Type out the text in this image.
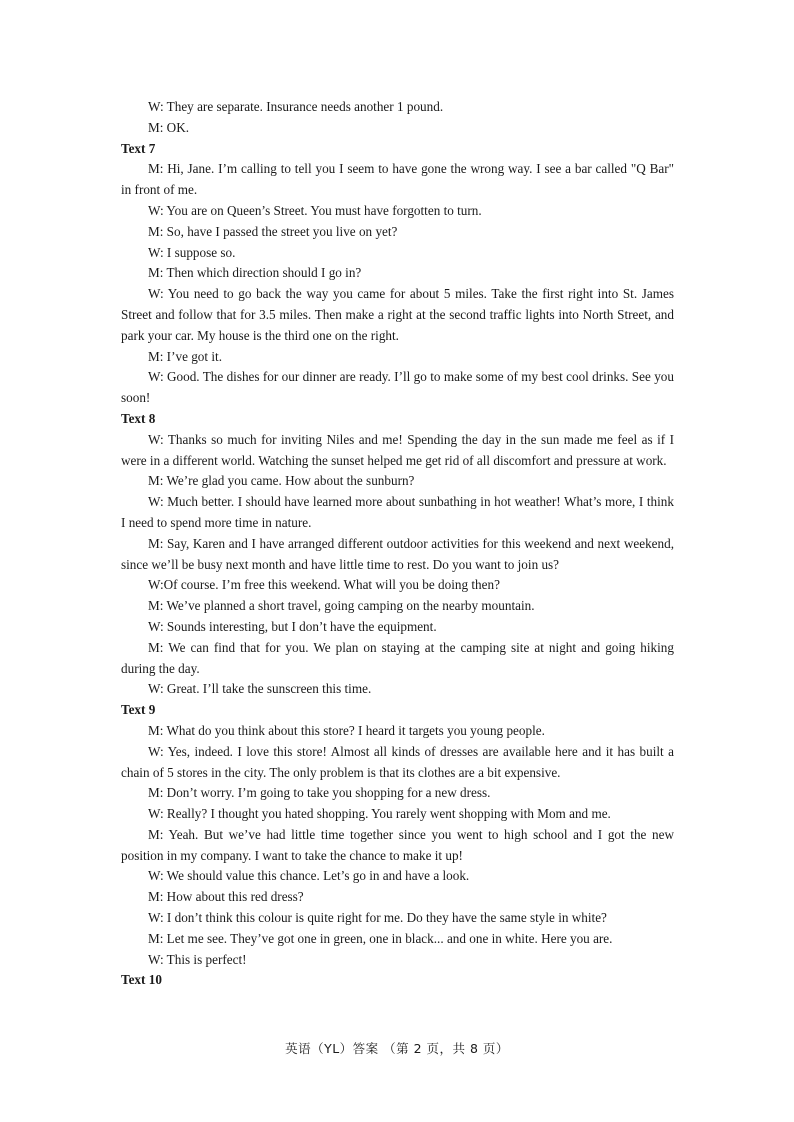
W: They are separate. Insurance needs another 1 pound.

M: OK.

Text 7

M: Hi, Jane. I’m calling to tell you I seem to have gone the wrong way. I see a bar called "Q Bar" in front of me.

W: You are on Queen’s Street. You must have forgotten to turn.

M: So, have I passed the street you live on yet?

W: I suppose so.

M: Then which direction should I go in?

W: You need to go back the way you came for about 5 miles. Take the first right into St. James Street and follow that for 3.5 miles. Then make a right at the second traffic lights into North Street, and park your car. My house is the third one on the right.

M: I’ve got it.

W: Good. The dishes for our dinner are ready. I’ll go to make some of my best cool drinks. See you soon!

Text 8

W: Thanks so much for inviting Niles and me! Spending the day in the sun made me feel as if I were in a different world. Watching the sunset helped me get rid of all discomfort and pressure at work.

M: We’re glad you came. How about the sunburn?

W: Much better. I should have learned more about sunbathing in hot weather! What’s more, I think I need to spend more time in nature.

M: Say, Karen and I have arranged different outdoor activities for this weekend and next weekend, since we’ll be busy next month and have little time to rest. Do you want to join us?

W:Of course. I’m free this weekend. What will you be doing then?

M: We’ve planned a short travel, going camping on the nearby mountain.

W: Sounds interesting, but I don’t have the equipment.

M: We can find that for you. We plan on staying at the camping site at night and going hiking during the day.

W: Great. I’ll take the sunscreen this time.

Text 9

M: What do you think about this store? I heard it targets you young people.

W: Yes, indeed. I love this store! Almost all kinds of dresses are available here and it has built a chain of 5 stores in the city. The only problem is that its clothes are a bit expensive.

M: Don’t worry. I’m going to take you shopping for a new dress.

W: Really? I thought you hated shopping. You rarely went shopping with Mom and me.

M: Yeah. But we’ve had little time together since you went to high school and I got the new position in my company. I want to take the chance to make it up!

W: We should value this chance. Let’s go in and have a look.

M: How about this red dress?

W: I don’t think this colour is quite right for me. Do they have the same style in white?

M: Let me see. They’ve got one in green, one in black... and one in white. Here you are.

W: This is perfect!

Text 10

英语（YL）答案 （第 2 页，共 8 页）
